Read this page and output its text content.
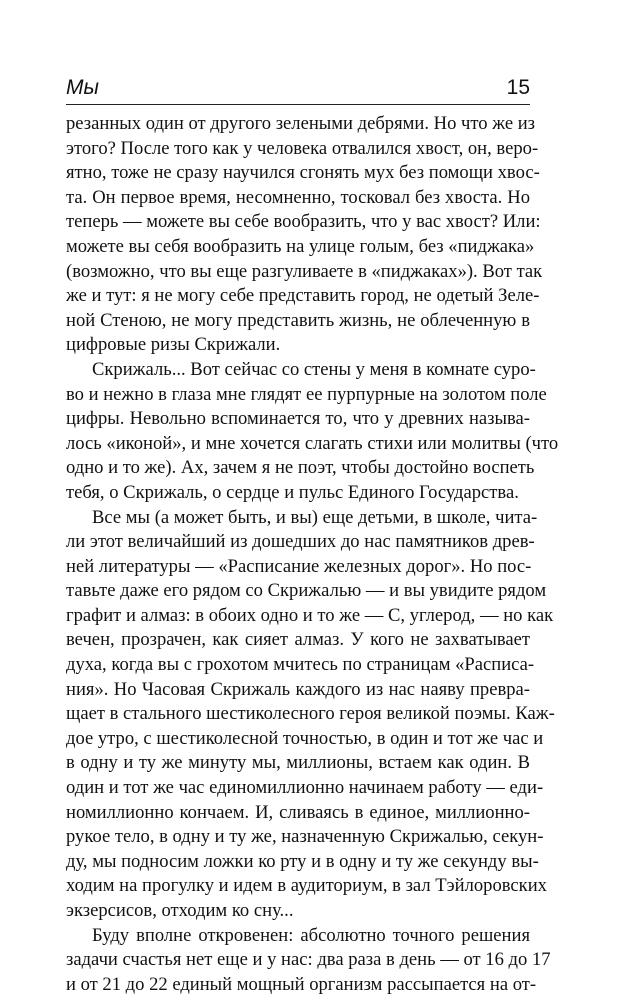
Мы	15
резанных один от другого зелеными дебрями. Но что же из
этого? После того как у человека отвалился хвост, он, веро-
ятно, тоже не сразу научился сгонять мух без помощи хвос-
та. Он первое время, несомненно, тосковал без хвоста. Но
теперь — можете вы себе вообразить, что у вас хвост? Или:
можете вы себя вообразить на улице голым, без «пиджака»
(возможно, что вы еще разгуливаете в «пиджаках»). Вот так
же и тут: я не могу себе представить город, не одетый Зеле-
ной Стеною, не могу представить жизнь, не облеченную в
цифровые ризы Скрижали.
Скрижаль... Вот сейчас со стены у меня в комнате суро-
во и нежно в глаза мне глядят ее пурпурные на золотом поле
цифры. Невольно вспоминается то, что у древних называ-
лось «иконой», и мне хочется слагать стихи или молитвы (что
одно и то же). Ах, зачем я не поэт, чтобы достойно воспеть
тебя, о Скрижаль, о сердце и пульс Единого Государства.
Все мы (а может быть, и вы) еще детьми, в школе, чита-
ли этот величайший из дошедших до нас памятников древ-
ней литературы — «Расписание железных дорог». Но пос-
тавьте даже его рядом со Скрижалью — и вы увидите рядом
графит и алмаз: в обоих одно и то же — С, углерод, — но как
вечен, прозрачен, как сияет алмаз. У кого не захватывает
духа, когда вы с грохотом мчитесь по страницам «Расписа-
ния». Но Часовая Скрижаль каждого из нас наяву превра-
щает в стального шестиколесного героя великой поэмы. Каж-
дое утро, с шестиколесной точностью, в один и тот же час и
в одну и ту же минуту мы, миллионы, встаем как один. В
один и тот же час единомиллионно начинаем работу — еди-
номиллионно кончаем. И, сливаясь в единое, миллионно-
рукое тело, в одну и ту же, назначенную Скрижалью, секун-
ду, мы подносим ложки ко рту и в одну и ту же секунду вы-
ходим на прогулку и идем в аудиториум, в зал Тэйлоровских
экзерсисов, отходим ко сну...
Буду вполне откровенен: абсолютно точного решения
задачи счастья нет еще и у нас: два раза в день — от 16 до 17
и от 21 до 22 единый мощный организм рассыпается на от-
